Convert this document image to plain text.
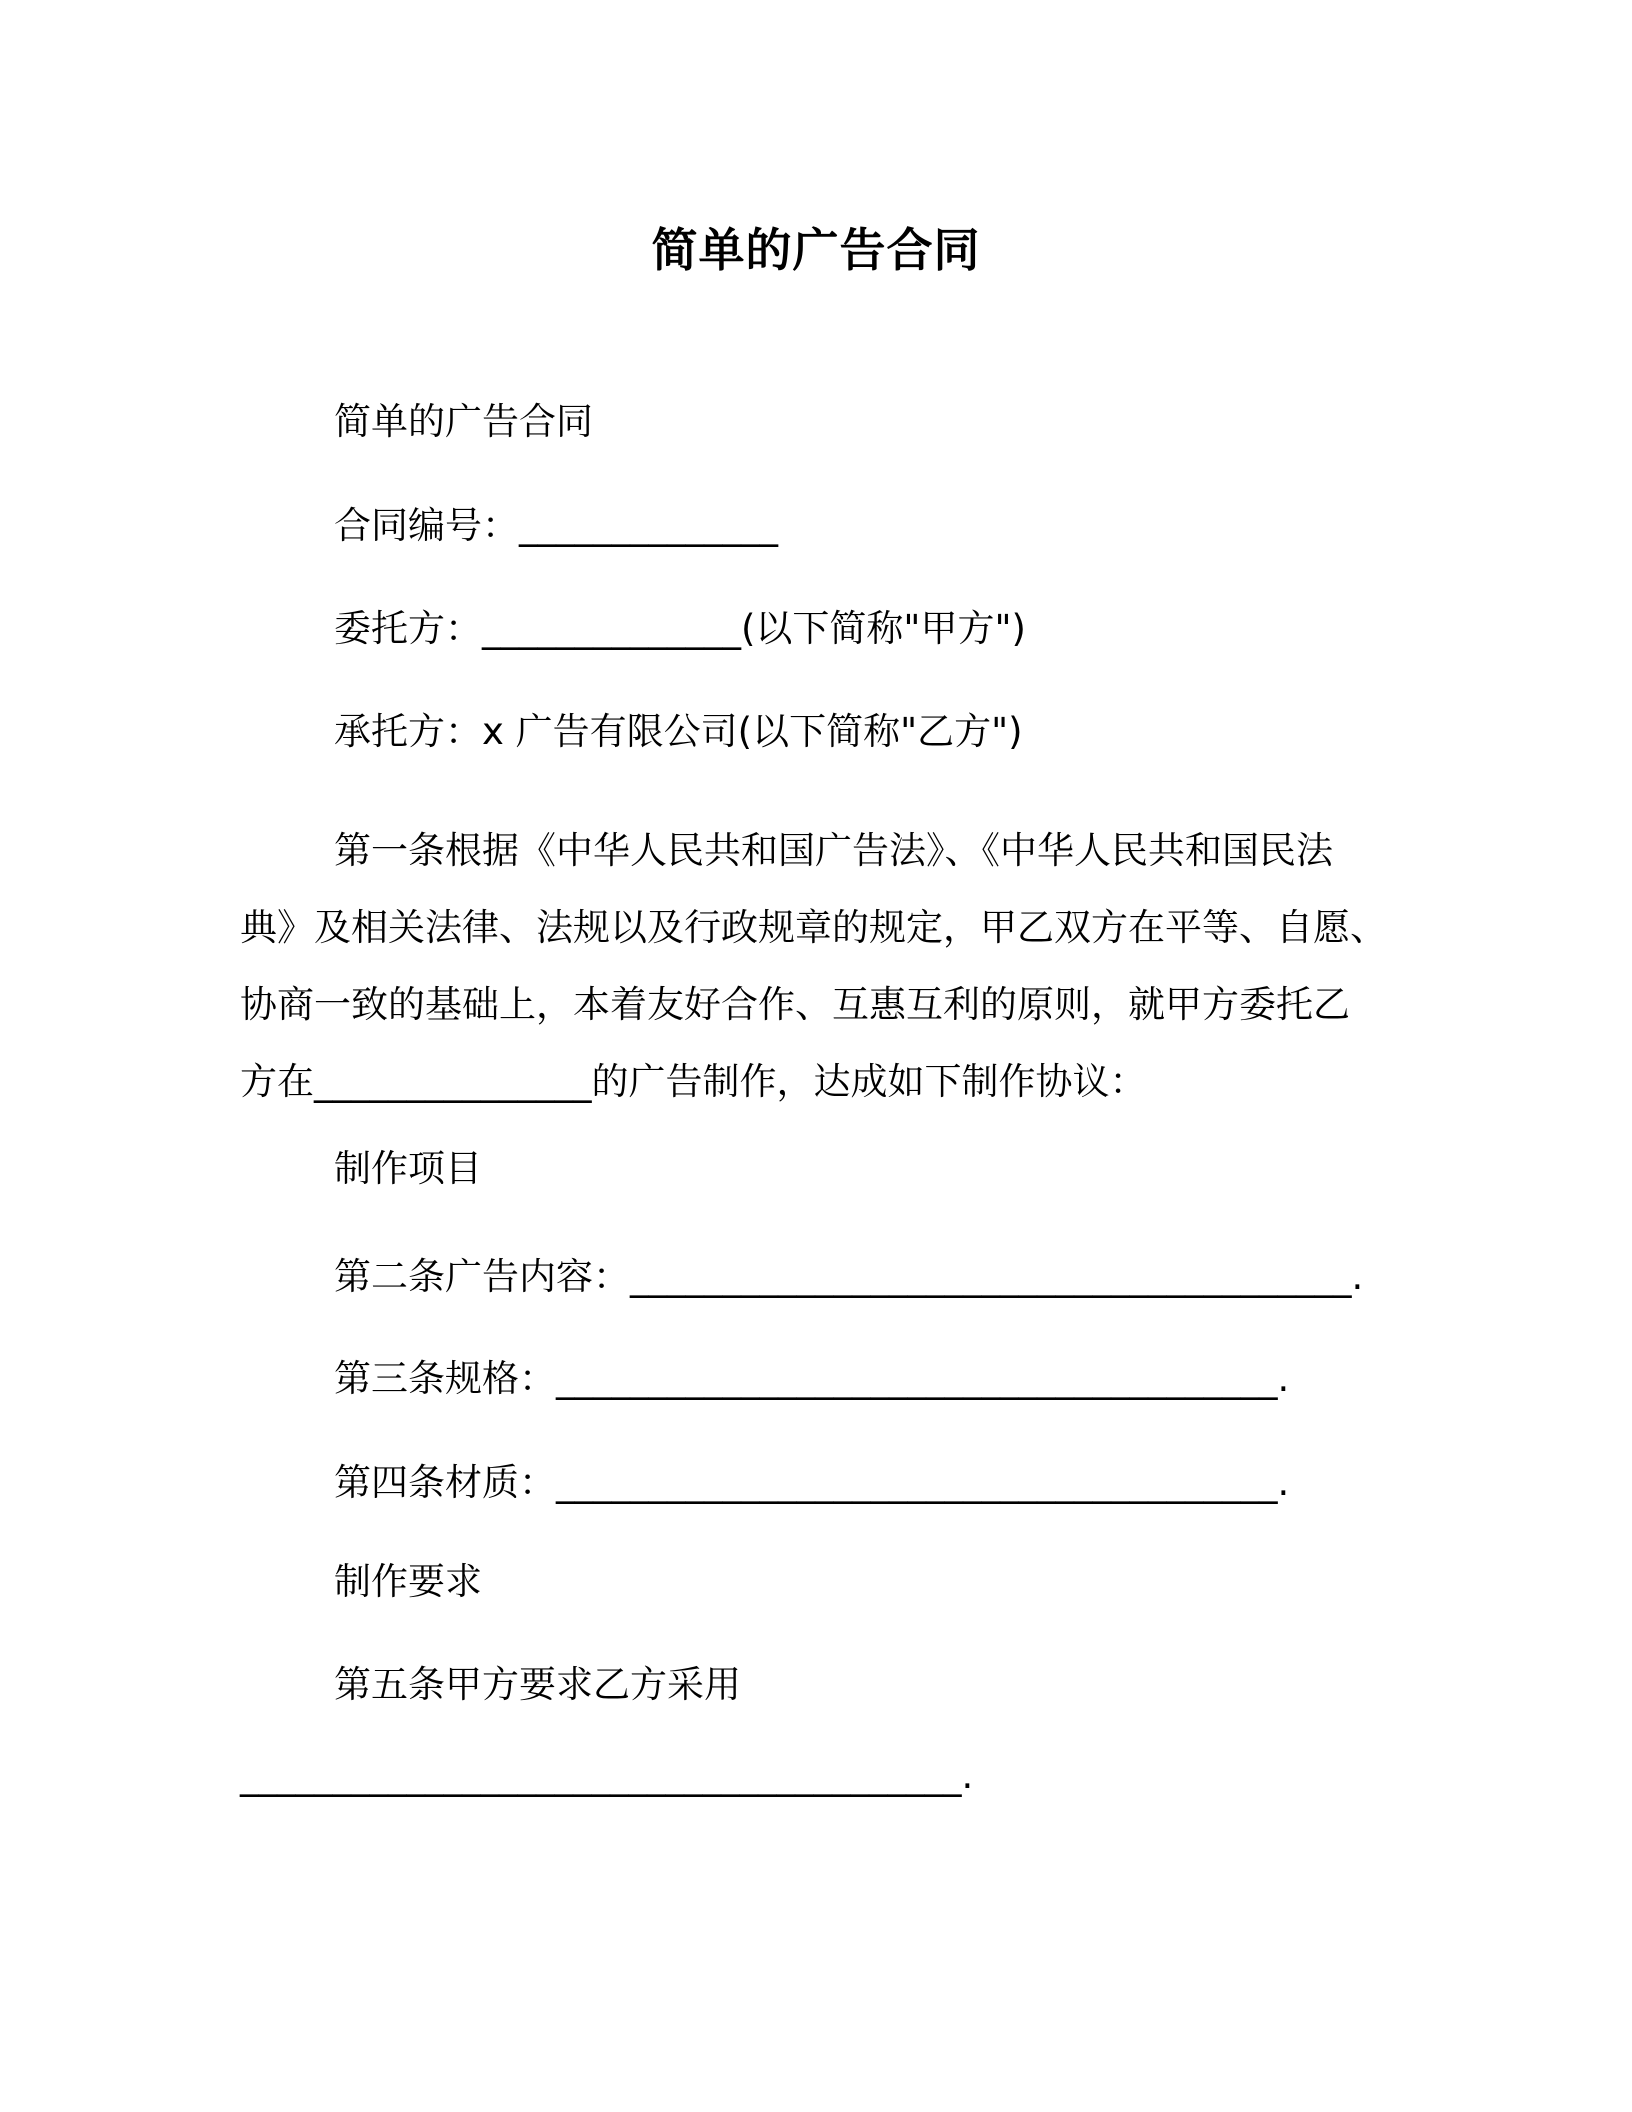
简单的广告合同
简单的广告合同
合同编号：______________
委托方：______________(以下简称"甲方")
承托方：x 广告有限公司(以下简称"乙方")
第一条根据《中华人民共和国广告法》、《中华人民共和国民法
典》及相关法律、法规以及行政规章的规定，甲乙双方在平等、自愿、
协商一致的基础上，本着友好合作、互惠互利的原则，就甲方委托乙
方在_______________的广告制作，达成如下制作协议：
制作项目
第二条广告内容：_______________________________________.
第三条规格：_______________________________________.
第四条材质：_______________________________________.
制作要求
第五条甲方要求乙方采用
_______________________________________.
